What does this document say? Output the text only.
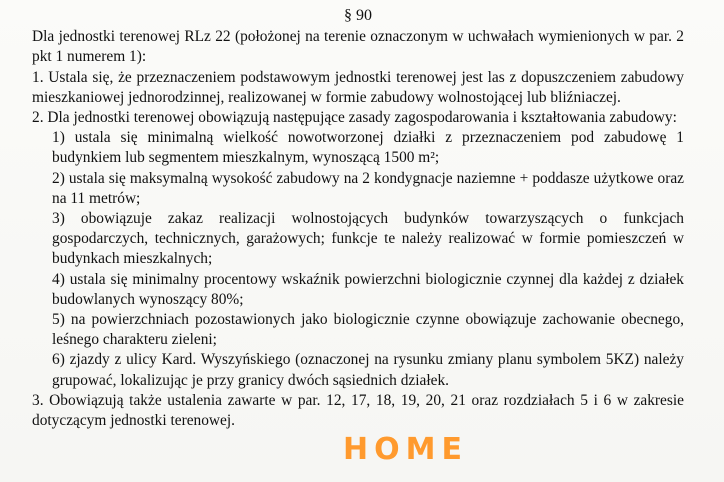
§ 90

Dla jednostki terenowej RLz 22 (położonej na terenie oznaczonym w uchwałach wymienionych w par. 2 pkt 1 numerem 1):

1. Ustala się, że przeznaczeniem podstawowym jednostki terenowej jest las z dopuszczeniem zabudowy mieszkaniowej jednorodzinnej, realizowanej w formie zabudowy wolnostojącej lub bliźniaczej.

2. Dla jednostki terenowej obowiązują następujące zasady zagospodarowania i kształtowania zabudowy:

1) ustala się minimalną wielkość nowotworzonej działki z przeznaczeniem pod zabudowę 1 budynkiem lub segmentem mieszkalnym, wynoszącą 1500 m²;

2) ustala się maksymalną wysokość zabudowy na 2 kondygnacje naziemne + poddasze użytkowe oraz na 11 metrów;

3) obowiązuje zakaz realizacji wolnostojących budynków towarzyszących o funkcjach gospodarczych, technicznych, garażowych; funkcje te należy realizować w formie pomieszczeń w budynkach mieszkalnych;

4) ustala się minimalny procentowy wskaźnik powierzchni biologicznie czynnej dla każdej z działek budowlanych wynoszący 80%;

5) na powierzchniach pozostawionych jako biologicznie czynne obowiązuje zachowanie obecnego, leśnego charakteru zieleni;

6) zjazdy z ulicy Kard. Wyszyńskiego (oznaczonej na rysunku zmiany planu symbolem 5KZ) należy grupować, lokalizując je przy granicy dwóch sąsiednich działek.

3. Obowiązują także ustalenia zawarte w par. 12, 17, 18, 19, 20, 21 oraz rozdziałach 5 i 6 w zakresie dotyczącym jednostki terenowej.

HOME
